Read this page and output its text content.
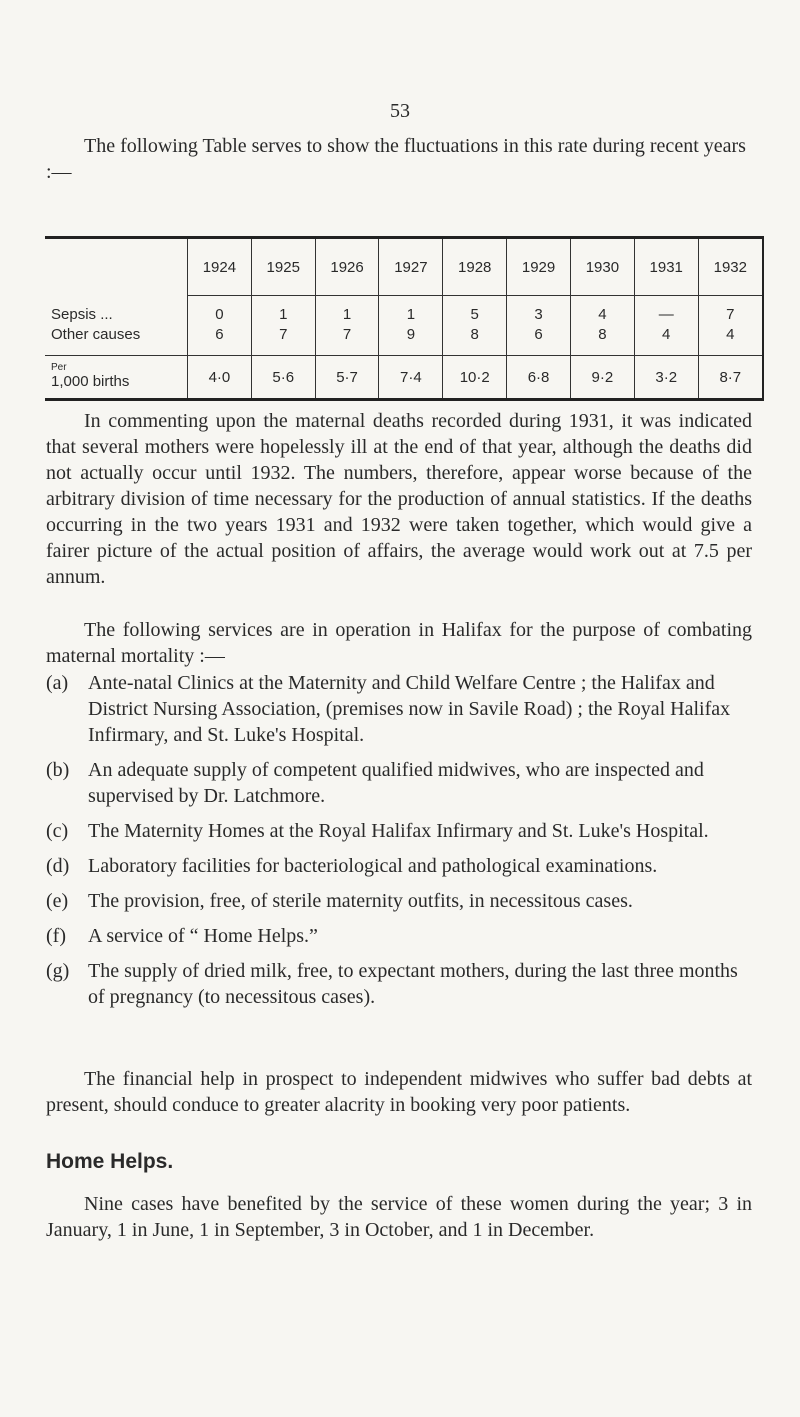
53

The following Table serves to show the fluctuations in this rate during recent years :—

	1924	1925	1926	1927	1928	1929	1930	1931	1932
Sepsis ...	0	1	1	1	5	3	4	—	7
Other causes	6	7	7	9	8	6	8	4	4

Per
1,000 births	4·0	5·6	5·7	7·4	10·2	6·8	9·2	3·2	8·7

In commenting upon the maternal deaths recorded during 1931, it was indicated that several mothers were hopelessly ill at the end of that year, although the deaths did not actually occur until 1932. The numbers, therefore, appear worse because of the arbitrary division of time necessary for the production of annual statistics. If the deaths occurring in the two years 1931 and 1932 were taken together, which would give a fairer picture of the actual position of affairs, the average would work out at 7.5 per annum.

The following services are in operation in Halifax for the purpose of combating maternal mortality :—

(a) Ante-natal Clinics at the Maternity and Child Welfare Centre ; the Halifax and District Nursing Association, (premises now in Savile Road) ; the Royal Halifax Infirmary, and St. Luke's Hospital.
(b) An adequate supply of competent qualified midwives, who are inspected and supervised by Dr. Latchmore.
(c) The Maternity Homes at the Royal Halifax Infirmary and St. Luke's Hospital.
(d) Laboratory facilities for bacteriological and pathological examinations.
(e) The provision, free, of sterile maternity outfits, in necessitous cases.
(f) A service of “ Home Helps.”
(g) The supply of dried milk, free, to expectant mothers, during the last three months of pregnancy (to necessitous cases).

The financial help in prospect to independent midwives who suffer bad debts at present, should conduce to greater alacrity in booking very poor patients.

Home Helps.

Nine cases have benefited by the service of these women during the year; 3 in January, 1 in June, 1 in September, 3 in October, and 1 in December.
